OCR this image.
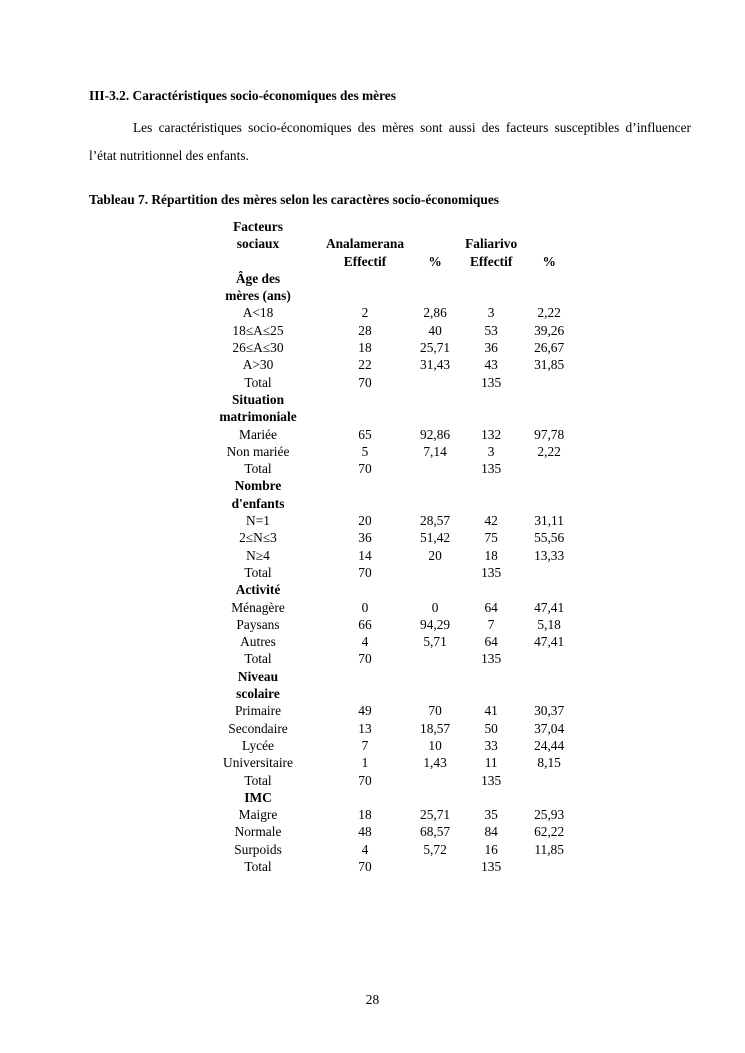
III-3.2. Caractéristiques socio-économiques des mères
Les caractéristiques socio-économiques des mères sont aussi des facteurs susceptibles d’influencer l’état nutritionnel des enfants.
Tableau 7. Répartition des mères selon les caractères socio-économiques
Facteurs				
sociaux	Analamerana		Faliarivo	
	Effectif	%	Effectif	%
Âge des				
mères (ans)				
A<18	2	2,86	3	2,22
18≤A≤25	28	40	53	39,26
26≤A≤30	18	25,71	36	26,67
A>30	22	31,43	43	31,85
Total	70		135	
Situation				
matrimoniale				
Mariée	65	92,86	132	97,78
Non mariée	5	7,14	3	2,22
Total	70		135	
Nombre				
d'enfants				
N=1	20	28,57	42	31,11
2≤N≤3	36	51,42	75	55,56
N≥4	14	20	18	13,33
Total	70		135	
Activité				
Ménagère	0	0	64	47,41
Paysans	66	94,29	7	5,18
Autres	4	5,71	64	47,41
Total	70		135	
Niveau				
scolaire				
Primaire	49	70	41	30,37
Secondaire	13	18,57	50	37,04
Lycée	7	10	33	24,44
Universitaire	1	1,43	11	8,15
Total	70		135	
IMC				
Maigre	18	25,71	35	25,93
Normale	48	68,57	84	62,22
Surpoids	4	5,72	16	11,85
Total	70		135	
28
